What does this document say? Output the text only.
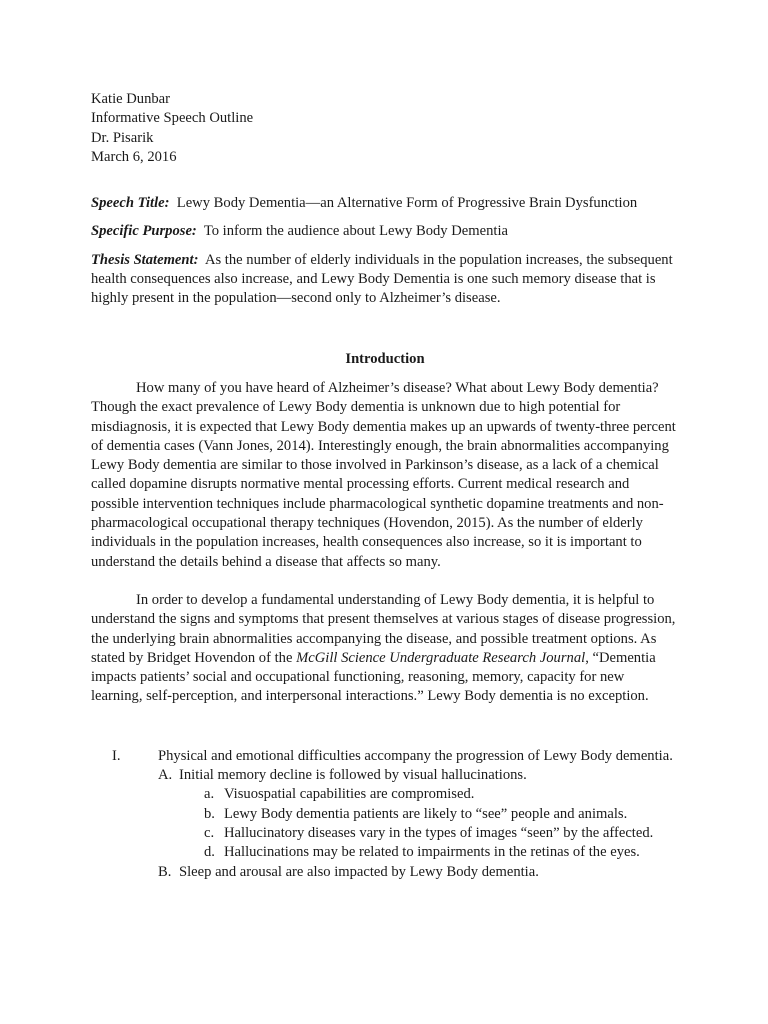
Katie Dunbar
Informative Speech Outline
Dr. Pisarik
March 6, 2016

Speech Title: Lewy Body Dementia—an Alternative Form of Progressive Brain Dysfunction

Specific Purpose: To inform the audience about Lewy Body Dementia

Thesis Statement: As the number of elderly individuals in the population increases, the subsequent health consequences also increase, and Lewy Body Dementia is one such memory disease that is highly present in the population—second only to Alzheimer’s disease.

Introduction

How many of you have heard of Alzheimer’s disease? What about Lewy Body dementia? Though the exact prevalence of Lewy Body dementia is unknown due to high potential for misdiagnosis, it is expected that Lewy Body dementia makes up an upwards of twenty-three percent of dementia cases (Vann Jones, 2014). Interestingly enough, the brain abnormalities accompanying Lewy Body dementia are similar to those involved in Parkinson’s disease, as a lack of a chemical called dopamine disrupts normative mental processing efforts. Current medical research and possible intervention techniques include pharmacological synthetic dopamine treatments and non-pharmacological occupational therapy techniques (Hovendon, 2015). As the number of elderly individuals in the population increases, health consequences also increase, so it is important to understand the details behind a disease that affects so many.

In order to develop a fundamental understanding of Lewy Body dementia, it is helpful to understand the signs and symptoms that present themselves at various stages of disease progression, the underlying brain abnormalities accompanying the disease, and possible treatment options. As stated by Bridget Hovendon of the McGill Science Undergraduate Research Journal, “Dementia impacts patients’ social and occupational functioning, reasoning, memory, capacity for new learning, self-perception, and interpersonal interactions.” Lewy Body dementia is no exception.

I.	Physical and emotional difficulties accompany the progression of Lewy Body dementia.
A. Initial memory decline is followed by visual hallucinations.
a. Visuospatial capabilities are compromised.
b. Lewy Body dementia patients are likely to “see” people and animals.
c. Hallucinatory diseases vary in the types of images “seen” by the affected.
d. Hallucinations may be related to impairments in the retinas of the eyes.
B. Sleep and arousal are also impacted by Lewy Body dementia.
